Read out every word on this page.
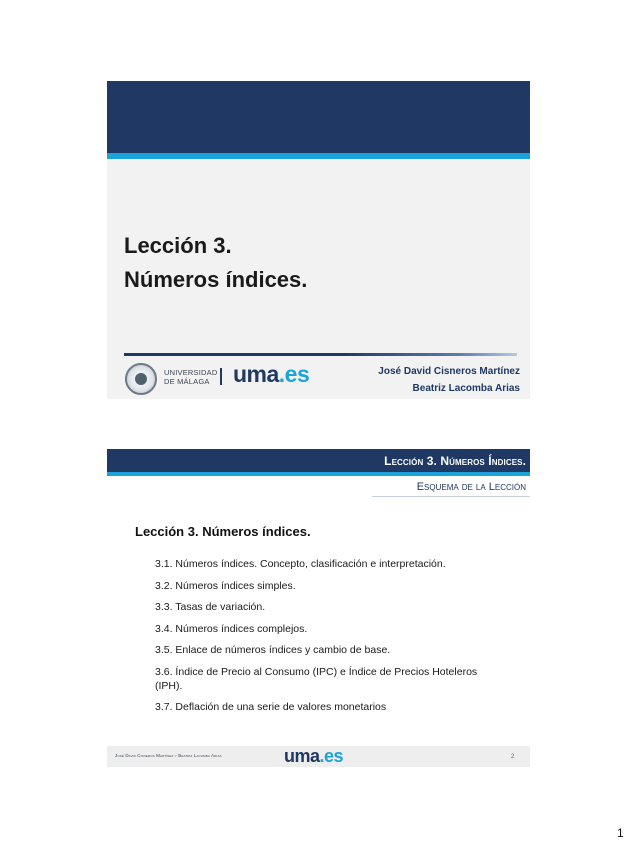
Lección 3.
Números índices.
UNIVERSIDAD
DE MÁLAGA	uma.es	José David Cisneros Martínez
Beatriz Lacomba Arias
Lección 3. Números Índices.
Esquema de la Lección
Lección 3. Números índices.
3.1. Números índices. Concepto, clasificación e interpretación.
3.2. Números índices simples.
3.3. Tasas de variación.
3.4. Números índices complejos.
3.5. Enlace de números índices y cambio de base.
3.6. Índice de Precio al Consumo (IPC) e Índice de Precios Hoteleros (IPH).
3.7. Deflación de una serie de valores monetarios
José David Cisneros Martínez y Beatriz Lacomba Arias	uma.es	2
1
